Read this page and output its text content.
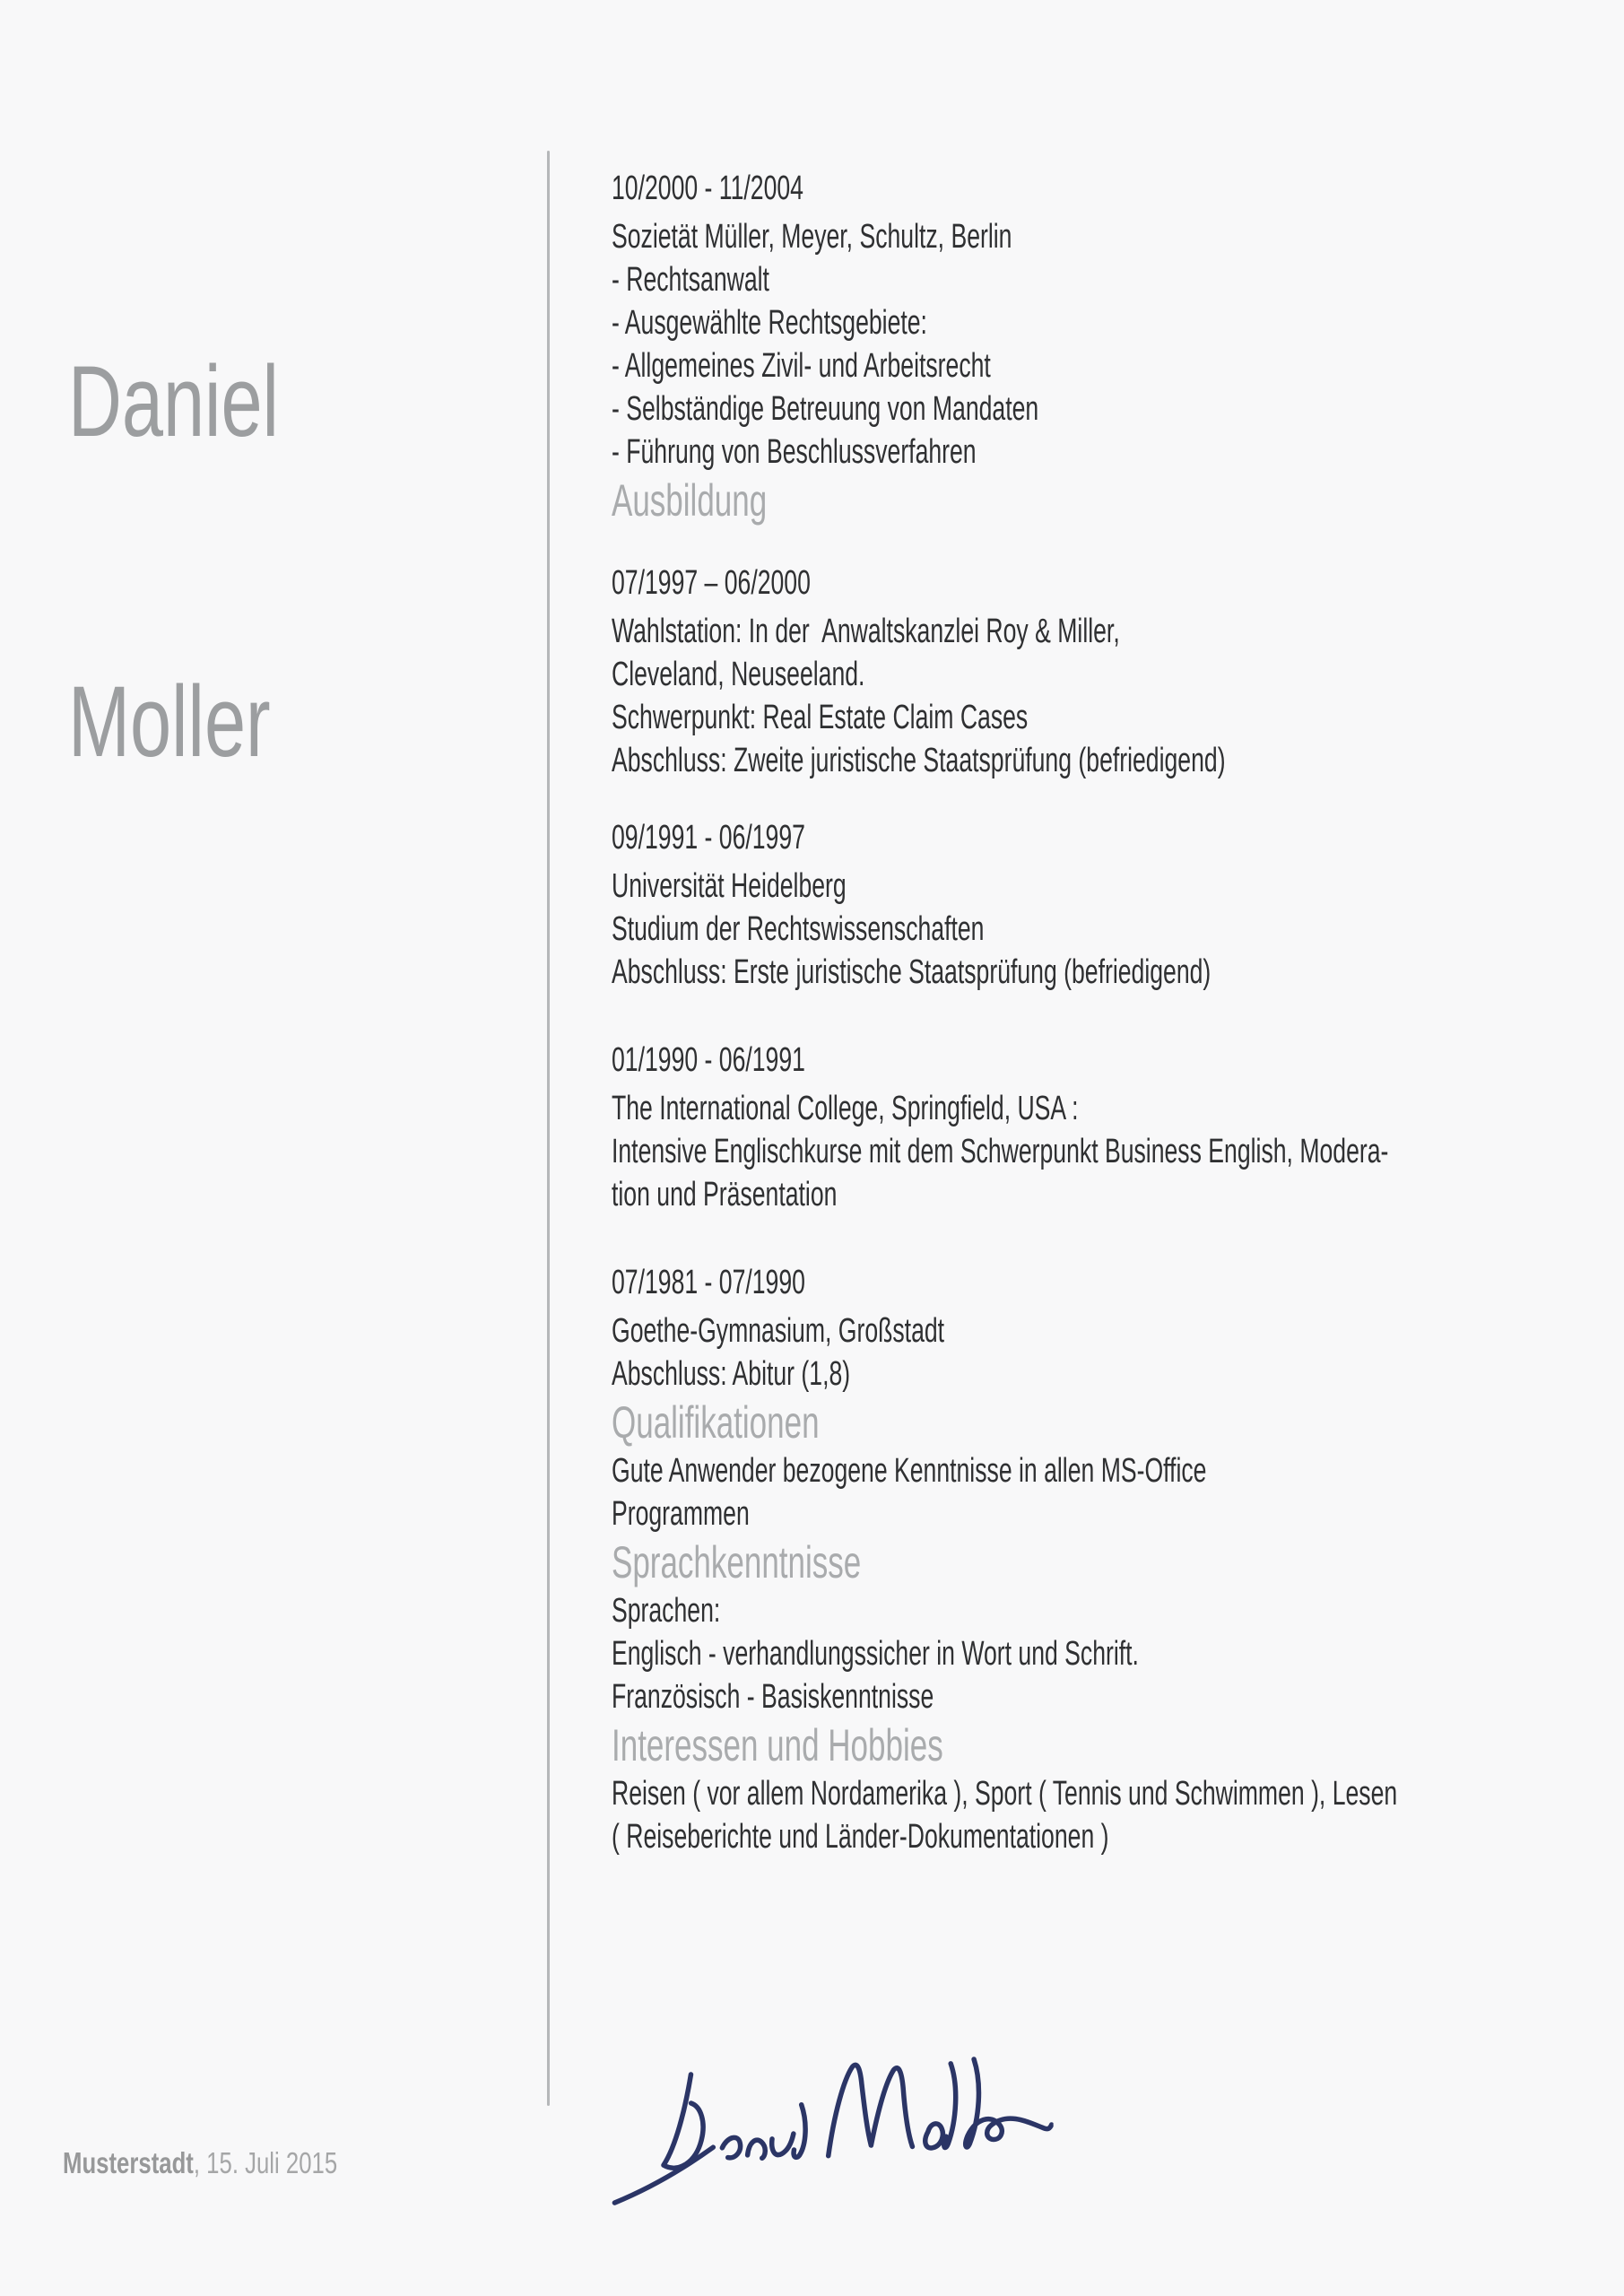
Daniel

Moller

10/2000 - 11/2004

Sozietät Müller, Meyer, Schultz, Berlin

- Rechtsanwalt

- Ausgewählte Rechtsgebiete:

- Allgemeines Zivil- und Arbeitsrecht

- Selbständige Betreuung von Mandaten

- Führung von Beschlussverfahren

Ausbildung

07/1997 – 06/2000

Wahlstation: In der  Anwaltskanzlei Roy & Miller,

Cleveland, Neuseeland.

Schwerpunkt: Real Estate Claim Cases

Abschluss: Zweite juristische Staatsprüfung (befriedigend)

09/1991 - 06/1997

Universität Heidelberg

Studium der Rechtswissenschaften

Abschluss: Erste juristische Staatsprüfung (befriedigend)

01/1990 - 06/1991

The International College, Springfield, USA :

Intensive Englischkurse mit dem Schwerpunkt Business English, Modera-

tion und Präsentation

07/1981 - 07/1990

Goethe-Gymnasium, Großstadt

Abschluss: Abitur (1,8)

Qualifikationen

Gute Anwender bezogene Kenntnisse in allen MS-Office

Programmen

Sprachkenntnisse

Sprachen:

Englisch - verhandlungssicher in Wort und Schrift.

Französisch - Basiskenntnisse

Interessen und Hobbies

Reisen ( vor allem Nordamerika ), Sport ( Tennis und Schwimmen ), Lesen

( Reiseberichte und Länder-Dokumentationen )

Musterstadt, 15. Juli 2015
